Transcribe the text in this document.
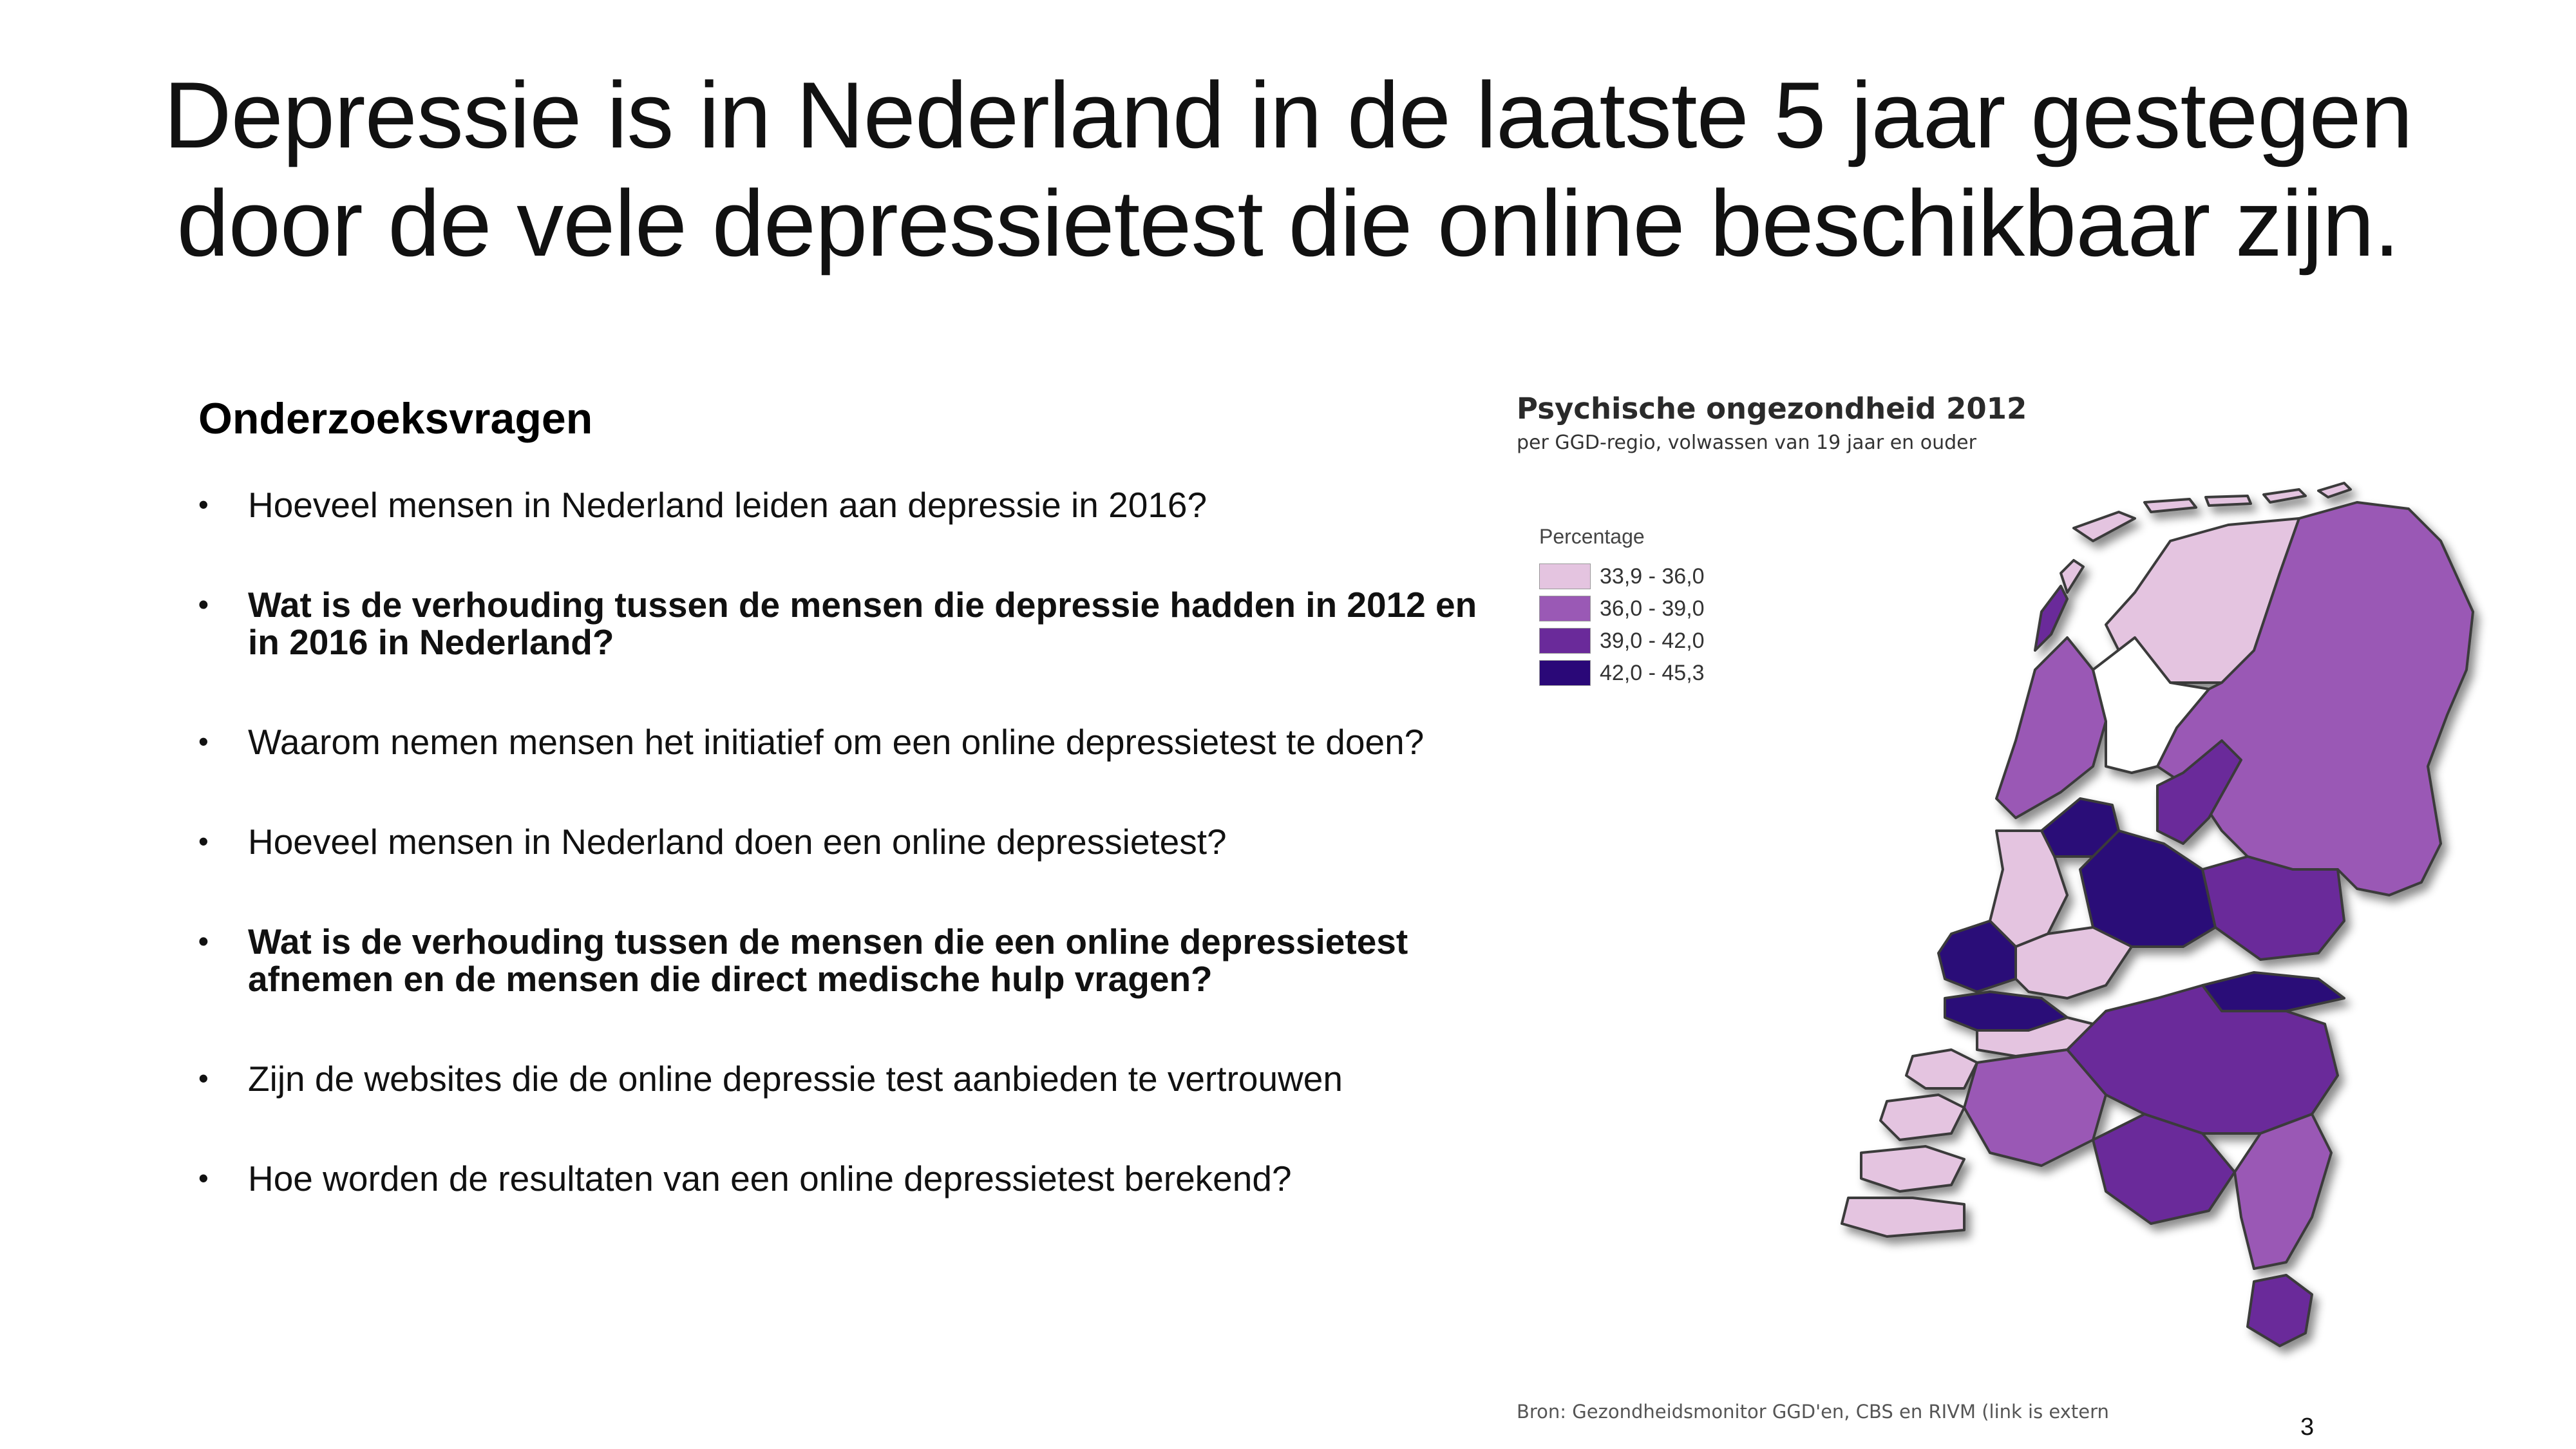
Depressie is in Nederland in de laatste 5 jaar gestegen
door de vele depressietest die online beschikbaar zijn.
Onderzoeksvragen
• Hoeveel mensen in Nederland leiden aan depressie in 2016?
• Wat is de verhouding tussen de mensen die depressie hadden in 2012 en in 2016 in Nederland?
• Waarom nemen mensen het initiatief om een online depressietest te doen?
• Hoeveel mensen in Nederland doen een online depressietest?
• Wat is de verhouding tussen de mensen die een online depressietest afnemen en de mensen die direct medische hulp vragen?
• Zijn de websites die de online depressie test aanbieden te vertrouwen
• Hoe worden de resultaten van een online depressietest berekend?
Psychische ongezondheid 2012
per GGD-regio, volwassen van 19 jaar en ouder
Percentage
33,9 - 36,0
36,0 - 39,0
39,0 - 42,0
42,0 - 45,3
Bron: Gezondheidsmonitor GGD'en, CBS en RIVM (link is extern
3
